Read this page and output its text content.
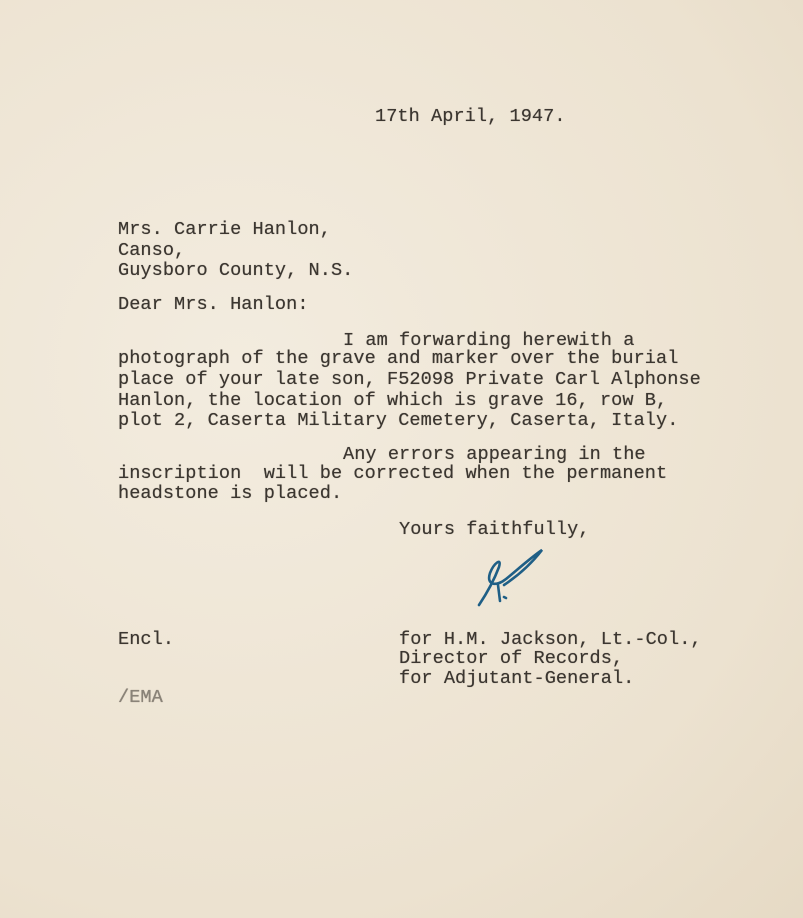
17th April, 1947.
Mrs. Carrie Hanlon,
Canso,
Guysboro County, N.S.
Dear Mrs. Hanlon:
I am forwarding herewith a
photograph of the grave and marker over the burial
place of your late son, F52098 Private Carl Alphonse
Hanlon, the location of which is grave 16, row B,
plot 2, Caserta Military Cemetery, Caserta, Italy.
Any errors appearing in the
inscription  will be corrected when the permanent
headstone is placed.
Yours faithfully,
Encl.	for H.M. Jackson, Lt.-Col.,
Director of Records,
for Adjutant-General.
/EMA
